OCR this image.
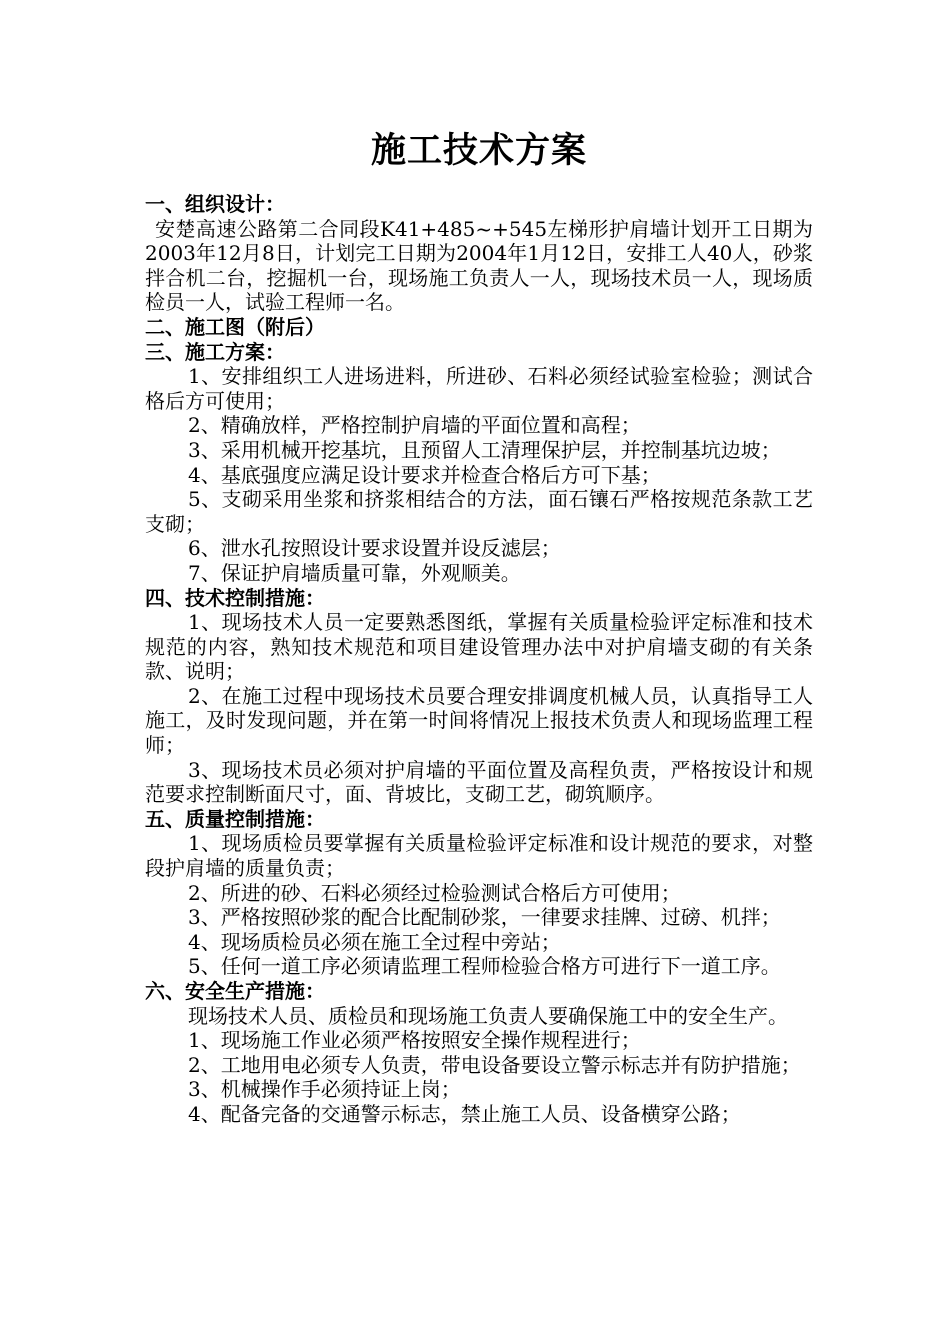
施工技术方案

一、组织设计：

安楚高速公路第二合同段K41+485~+545左梯形护肩墙计划开工日期为2003年12月8日，计划完工日期为2004年1月12日，安排工人40人，砂浆拌合机二台，挖掘机一台，现场施工负责人一人，现场技术员一人，现场质检员一人，试验工程师一名。

二、施工图（附后）

三、施工方案：

1、安排组织工人进场进料，所进砂、石料必须经试验室检验；测试合格后方可使用；

2、精确放样，严格控制护肩墙的平面位置和高程；

3、采用机械开挖基坑，且预留人工清理保护层，并控制基坑边坡；

4、基底强度应满足设计要求并检查合格后方可下基；

5、支砌采用坐浆和挤浆相结合的方法，面石镶石严格按规范条款工艺支砌；

6、泄水孔按照设计要求设置并设反滤层；

7、保证护肩墙质量可靠，外观顺美。

四、技术控制措施：

1、现场技术人员一定要熟悉图纸，掌握有关质量检验评定标准和技术规范的内容，熟知技术规范和项目建设管理办法中对护肩墙支砌的有关条款、说明；

2、在施工过程中现场技术员要合理安排调度机械人员，认真指导工人施工，及时发现问题，并在第一时间将情况上报技术负责人和现场监理工程师；

3、现场技术员必须对护肩墙的平面位置及高程负责，严格按设计和规范要求控制断面尺寸，面、背坡比，支砌工艺，砌筑顺序。

五、质量控制措施：

1、现场质检员要掌握有关质量检验评定标准和设计规范的要求，对整段护肩墙的质量负责；

2、所进的砂、石料必须经过检验测试合格后方可使用；

3、严格按照砂浆的配合比配制砂浆，一律要求挂牌、过磅、机拌；

4、现场质检员必须在施工全过程中旁站；

5、任何一道工序必须请监理工程师检验合格方可进行下一道工序。

六、安全生产措施：

现场技术人员、质检员和现场施工负责人要确保施工中的安全生产。

1、现场施工作业必须严格按照安全操作规程进行；

2、工地用电必须专人负责，带电设备要设立警示标志并有防护措施；

3、机械操作手必须持证上岗；

4、配备完备的交通警示标志，禁止施工人员、设备横穿公路；
